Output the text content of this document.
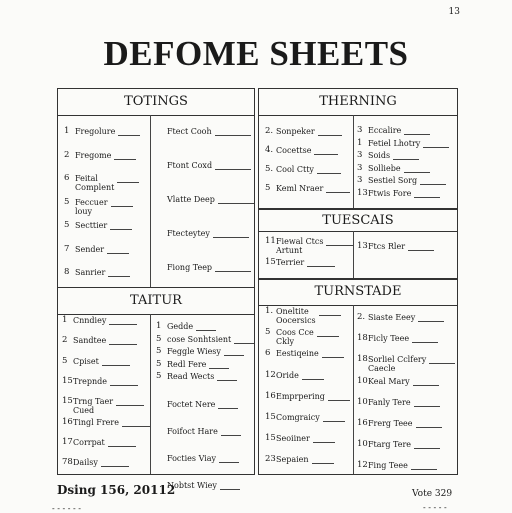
13
DEFOME SHEETS
TOTINGS
1 Fregolure
2 Fregome
6 Feital
Complent
5 Feccuer
louy
5 Secttier
7 Sender
8 Sanrier
Ftect Cooh
Ftont Coxd
Vlatte Deep
Ftecteytey
Fiong Teep
THERNING
2. Sonpeker
4. Cocettse
5. Cool Ctty
5 Keml Nraer
3 Eccalire
1 Fetiel Lhotry
3 Soids
3 Solliebe
3 Sestiel Sorg
13Ftwis Fore
TUESCAIS
11Fiewal Ctcs
Artunt
15Terrier
13Ftcs Rler
TAITUR
1 Cnndiey
2 Sandtee
5 Cpiset
15Trepnde
15Trng Taer
Cued
16Tingl Frere
17Corrpat
78Dailsy
1 Gedde
5 cose Sonhtsient
5 Feggle Wiesy
5 Redl Fere
5 Read Wects
Foctet Nere
Foifoct Hare
Focties Viay
Nobtst Wiey
TURNSTADE
1. Oneltite
Oocersics
5 Coos Cce
Ckly
6 Eestiqeine
12Oride
16Emprpering
15Comgraicy
15Seoiiner
23Sepaien
2. Siaste Eeey
18Ficly Teee
18Sorliel Cclfery
Caecle
10Keal Mary
10Fanly Tere
16Frerg Teee
10Ftarg Tere
12Fing Teee
Dsing 156, 20112
- - - - - -
Vote 329
- - - - -
